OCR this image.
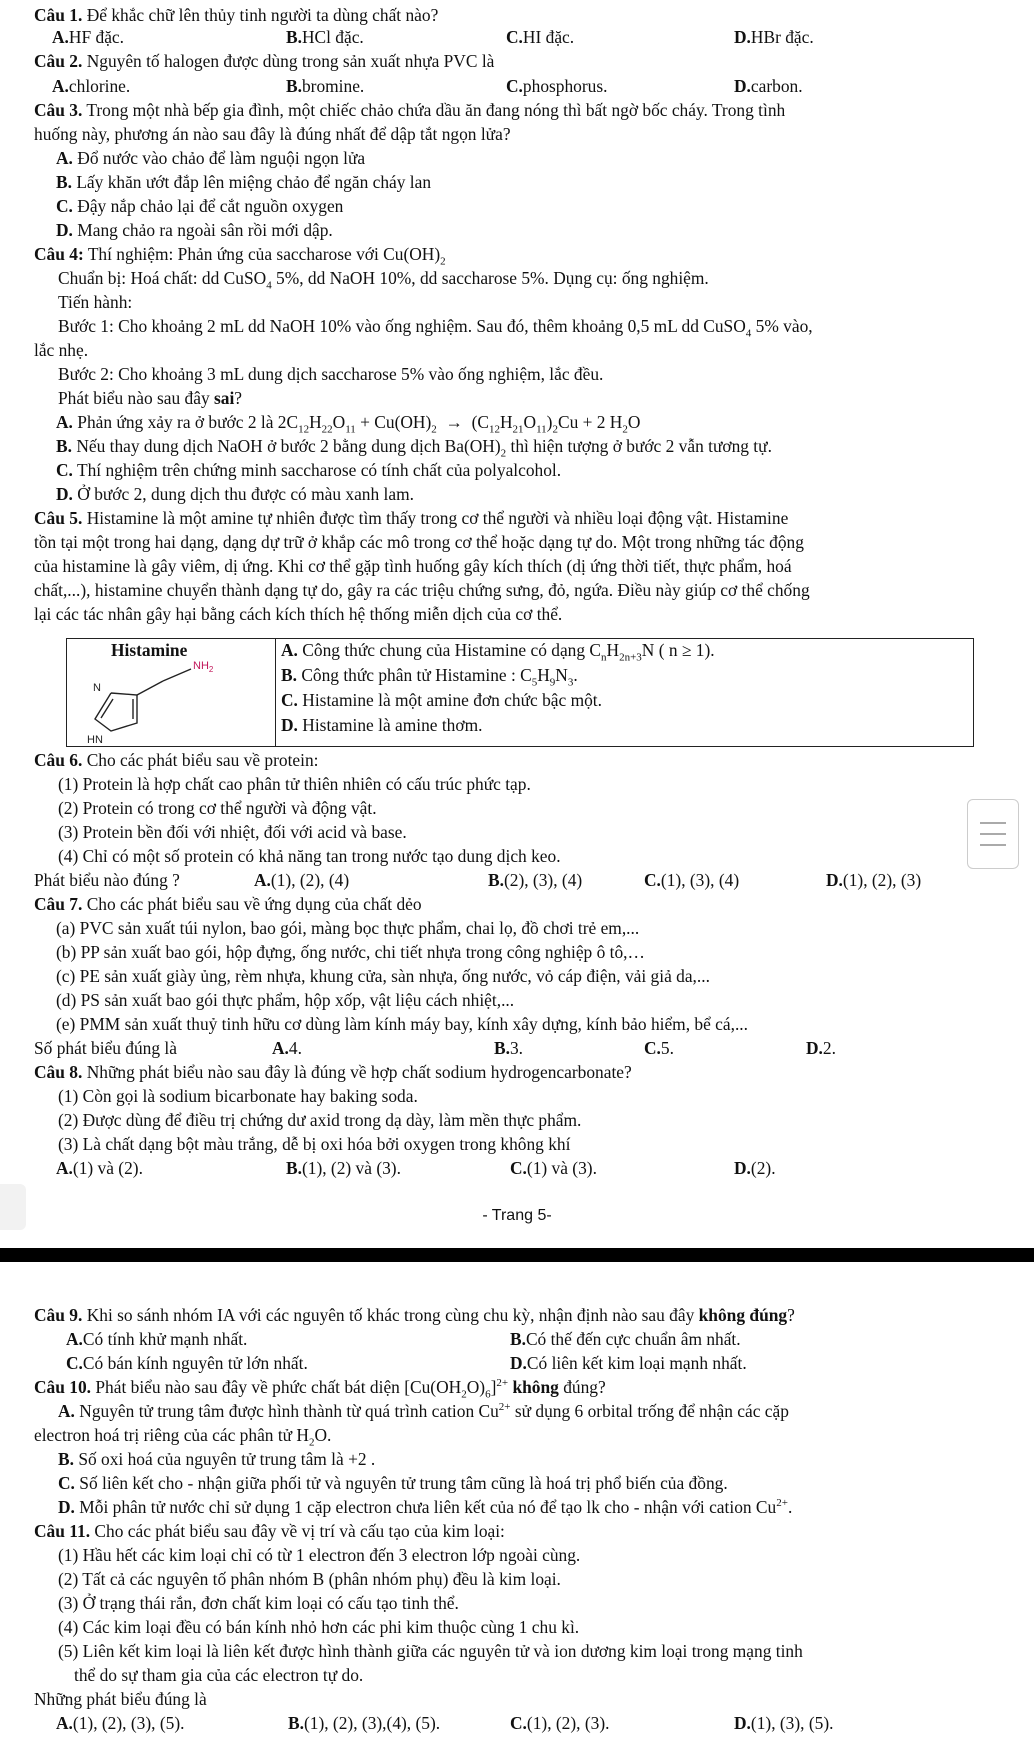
Câu 1. Để khắc chữ lên thủy tinh người ta dùng chất nào?
A. HF đặc.	B. HCl đặc.	C. HI đặc.	D. HBr đặc.
Câu 2. Nguyên tố halogen được dùng trong sản xuất nhựa PVC là
A. chlorine.	B. bromine.	C. phosphorus.	D. carbon.
Câu 3. Trong một nhà bếp gia đình, một chiếc chảo chứa dầu ăn đang nóng thì bất ngờ bốc cháy. Trong tình
huống này, phương án nào sau đây là đúng nhất để dập tắt ngọn lửa?
A. Đổ nước vào chảo để làm nguội ngọn lửa
B. Lấy khăn ướt đắp lên miệng chảo để ngăn cháy lan
C. Đậy nắp chảo lại để cắt nguồn oxygen
D. Mang chảo ra ngoài sân rồi mới dập.
Câu 4: Thí nghiệm: Phản ứng của saccharose với $Cu(OH)_2$
Chuẩn bị: Hoá chất: dd CuSO$_4$ 5%, dd NaOH 10%, dd saccharose 5%. Dụng cụ: ống nghiệm.
Tiến hành:
Bước 1: Cho khoảng 2 mL dd NaOH 10% vào ống nghiệm. Sau đó, thêm khoảng 0,5 mL dd CuSO$_4$ 5% vào,
lắc nhẹ.
Bước 2: Cho khoảng 3 mL dung dịch saccharose 5% vào ống nghiệm, lắc đều.
Phát biểu nào sau đây sai?
A. Phản ứng xảy ra ở bước 2 là $2C_{12}H_{22}O_{11} + Cu(OH)_2 \to (C_{12}H_{21}O_{11})_2Cu + 2$ $H_2O$
B. Nếu thay dung dịch NaOH ở bước 2 bằng dung dịch $Ba(OH)_2$ thì hiện tượng ở bước 2 vẫn tương tự.
C. Thí nghiệm trên chứng minh saccharose có tính chất của polyalcohol.
D. Ở bước 2, dung dịch thu được có màu xanh lam.
Câu 5. Histamine là một amine tự nhiên được tìm thấy trong cơ thể người và nhiều loại động vật. Histamine
tồn tại một trong hai dạng, dạng dự trữ ở khắp các mô trong cơ thể hoặc dạng tự do. Một trong những tác động
của histamine là gây viêm, dị ứng. Khi cơ thể gặp tình huống gây kích thích (dị ứng thời tiết, thực phẩm, hoá
chất,...), histamine chuyển thành dạng tự do, gây ra các triệu chứng sưng, đỏ, ngứa. Điều này giúp cơ thể chống
lại các tác nhân gây hại bằng cách kích thích hệ thống miễn dịch của cơ thể.
Histamine
N
HN
$NH_2$
A. Công thức chung của Histamine có dạng $C_nH_{2n+3}N$ ( n ≥ 1).
B. Công thức phân tử Histamine : $C_5H_9N_3$.
C. Histamine là một amine đơn chức bậc một.
D. Histamine là amine thơm.
Câu 6. Cho các phát biểu sau về protein:
(1) Protein là hợp chất cao phân tử thiên nhiên có cấu trúc phức tạp.
(2) Protein có trong cơ thể người và động vật.
(3) Protein bền đối với nhiệt, đối với acid và base.
(4) Chỉ có một số protein có khả năng tan trong nước tạo dung dịch keo.
Phát biểu nào đúng ?	A. (1), (2), (4)	B. (2), (3), (4)	C. (1), (3), (4)	D. (1), (2), (3)
Câu 7. Cho các phát biểu sau về ứng dụng của chất dẻo
(a) PVC sản xuất túi nylon, bao gói, màng bọc thực phẩm, chai lọ, đồ chơi trẻ em,...
(b) PP sản xuất bao gói, hộp đựng, ống nước, chi tiết nhựa trong công nghiệp ô tô,…
(c) PE sản xuất giày ủng, rèm nhựa, khung cửa, sàn nhựa, ống nước, vỏ cáp điện, vải giả da,...
(d) PS sản xuất bao gói thực phẩm, hộp xốp, vật liệu cách nhiệt,...
(e) PMM sản xuất thuỷ tinh hữu cơ dùng làm kính máy bay, kính xây dựng, kính bảo hiểm, bể cá,...
Số phát biểu đúng là	A. 4.	B. 3.	C. 5.	D. 2.
Câu 8. Những phát biểu nào sau đây là đúng về hợp chất sodium hydrogencarbonate?
(1) Còn gọi là sodium bicarbonate hay baking soda.
(2) Được dùng để điều trị chứng dư axid trong dạ dày, làm mền thực phẩm.
(3) Là chất dạng bột màu trắng, dễ bị oxi hóa bởi oxygen trong không khí
A. (1) và (2).	B. (1), (2) và (3).	C. (1) và (3).	D. (2).
- Trang 5-
Câu 9. Khi so sánh nhóm IA với các nguyên tố khác trong cùng chu kỳ, nhận định nào sau đây không đúng?
A. Có tính khử mạnh nhất.	B. Có thế đến cực chuẩn âm nhất.
C. Có bán kính nguyên tử lớn nhất.	D. Có liên kết kim loại mạnh nhất.
Câu 10. Phát biểu nào sau đây về phức chất bát diện $[Cu(OH_2O)_6]^{2+}$ không đúng?
A. Nguyên tử trung tâm được hình thành từ quá trình cation $Cu^{2+}$ sử dụng 6 orbital trống để nhận các cặp
electron hoá trị riêng của các phân tử $H_2O$.
B. Số oxi hoá của nguyên tử trung tâm là +2 .
C. Số liên kết cho - nhận giữa phối tử và nguyên tử trung tâm cũng là hoá trị phổ biến của đồng.
D. Mỗi phân tử nước chỉ sử dụng 1 cặp electron chưa liên kết của nó để tạo lk cho - nhận với cation $Cu^{2+}$.
Câu 11. Cho các phát biểu sau đây về vị trí và cấu tạo của kim loại:
(1) Hầu hết các kim loại chỉ có từ 1 electron đến 3 electron lớp ngoài cùng.
(2) Tất cả các nguyên tố phân nhóm B (phân nhóm phụ) đều là kim loại.
(3) Ở trạng thái rắn, đơn chất kim loại có cấu tạo tinh thể.
(4) Các kim loại đều có bán kính nhỏ hơn các phi kim thuộc cùng 1 chu kì.
(5) Liên kết kim loại là liên kết được hình thành giữa các nguyên tử và ion dương kim loại trong mạng tinh
thể do sự tham gia của các electron tự do.
Những phát biểu đúng là
A. (1), (2), (3), (5).	B. (1), (2), (3),(4), (5).	C. (1), (2), (3).	D. (1), (3), (5).
